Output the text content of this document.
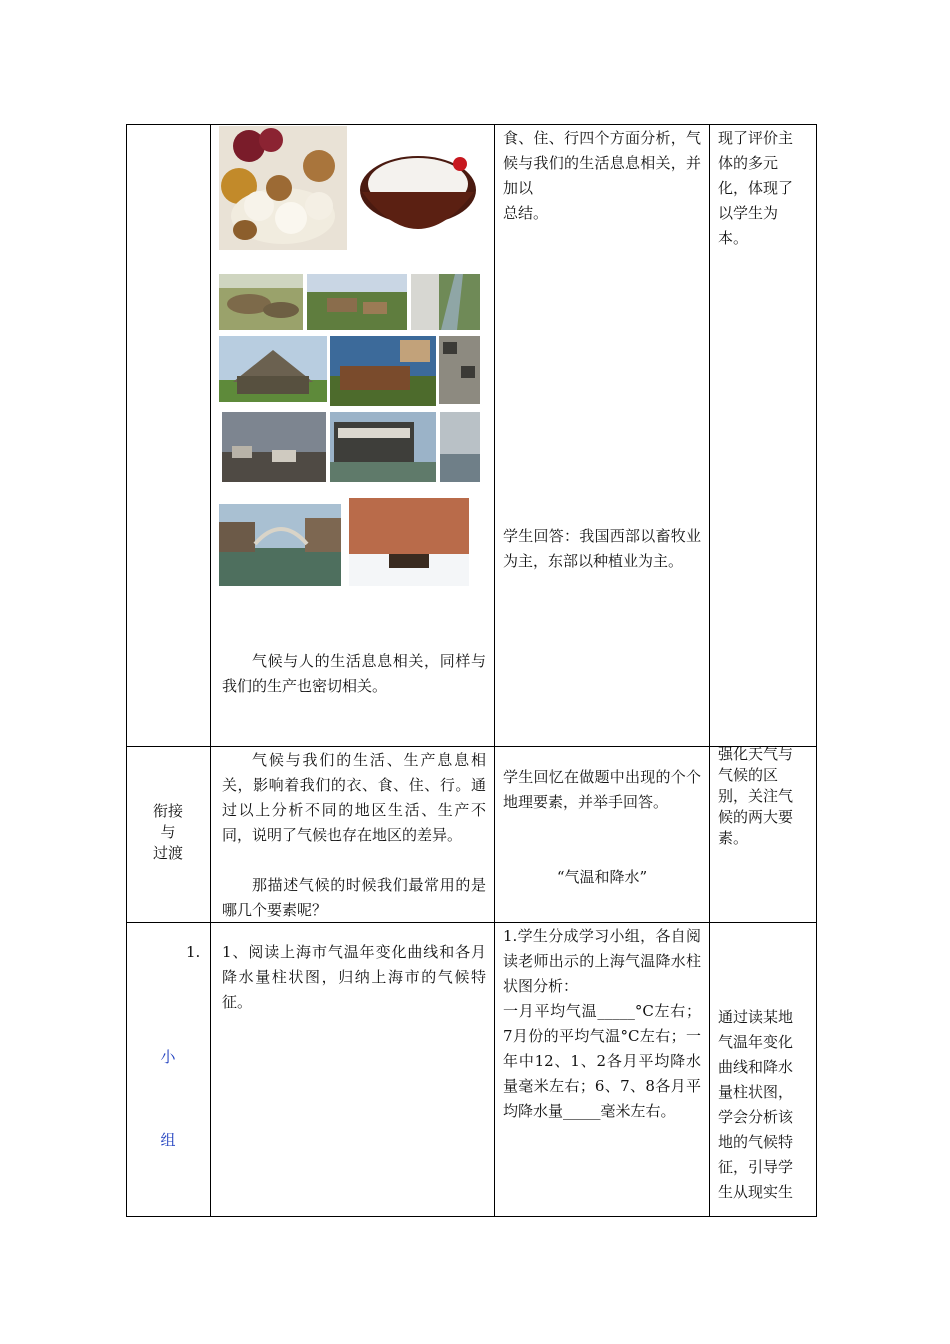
气候与人的生活息息相关，同样与我们的生产也密切相关。
食、住、行四个方面分析，气候与我们的生活息息相关，并加以
总结。
学生回答：我国西部以畜牧业为主，东部以种植业为主。
现了评价主体的多元化，体现了以学生为本。
衔接
与
过渡
气候与我们的生活、生产息息相关，影响着我们的衣、食、住、行。通过以上分析不同的地区生活、生产不同，说明了气候也存在地区的差异。
那描述气候的时候我们最常用的是哪几个要素呢？
学生回忆在做题中出现的个个地理要素，并举手回答。
“气温和降水”
强化天气与气候的区别，关注气候的两大要素。
1.
小
组
1、阅读上海市气温年变化曲线和各月降水量柱状图，归纳上海市的气候特征。
1.学生分成学习小组，各自阅读老师出示的上海气温降水柱状图分析：
一月平均气温_____°C左右；7月份的平均气温°C左右；一年中12、1、2各月平均降水量毫米左右；6、7、8各月平均降水量_____毫米左右。
通过读某地气温年变化曲线和降水量柱状图，学会分析该地的气候特征，引导学生从现实生
